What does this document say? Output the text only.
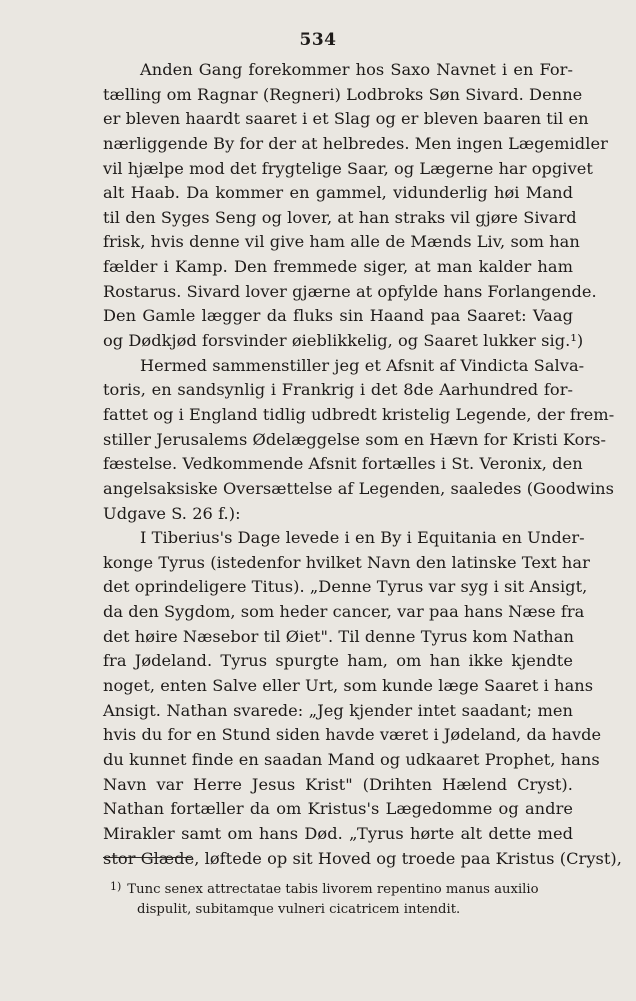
534
Anden Gang forekommer hos Saxo Navnet i en For-
tælling om Ragnar (Regneri) Lodbroks Søn Sivard. Denne
er bleven haardt saaret i et Slag og er bleven baaren til en
nærliggende By for der at helbredes. Men ingen Lægemidler
vil hjælpe mod det frygtelige Saar, og Lægerne har opgivet
alt Haab. Da kommer en gammel, vidunderlig høi Mand
til den Syges Seng og lover, at han straks vil gjøre Sivard
frisk, hvis denne vil give ham alle de Mænds Liv, som han
fælder i Kamp. Den fremmede siger, at man kalder ham
Rostarus. Sivard lover gjærne at opfylde hans Forlangende.
Den Gamle lægger da fluks sin Haand paa Saaret: Vaag
og Dødkjød forsvinder øieblikkelig, og Saaret lukker sig.¹)
Hermed sammenstiller jeg et Afsnit af Vindicta Salva-
toris, en sandsynlig i Frankrig i det 8de Aarhundred for-
fattet og i England tidlig udbredt kristelig Legende, der frem-
stiller Jerusalems Ødelæggelse som en Hævn for Kristi Kors-
fæstelse. Vedkommende Afsnit fortælles i St. Veronix, den
angelsaksiske Oversættelse af Legenden, saaledes (Goodwins
Udgave S. 26 f.):
I Tiberius's Dage levede i en By i Equitania en Under-
konge Tyrus (istedenfor hvilket Navn den latinske Text har
det oprindeligere Titus). „Denne Tyrus var syg i sit Ansigt,
da den Sygdom, som heder cancer, var paa hans Næse fra
det høire Næsebor til Øiet". Til denne Tyrus kom Nathan
fra Jødeland. Tyrus spurgte ham, om han ikke kjendte
noget, enten Salve eller Urt, som kunde læge Saaret i hans
Ansigt. Nathan svarede: „Jeg kjender intet saadant; men
hvis du for en Stund siden havde været i Jødeland, da havde
du kunnet finde en saadan Mand og udkaaret Prophet, hans
Navn var Herre Jesus Krist" (Drihten Hælend Cryst).
Nathan fortæller da om Kristus's Lægedomme og andre
Mirakler samt om hans Død. „Tyrus hørte alt dette med
stor Glæde, løftede op sit Hoved og troede paa Kristus (Cryst),
$^{1)}$ Tunc senex attrectatae tabis livorem repentino manus auxilio
dispulit, subitamque vulneri cicatricem intendit.
